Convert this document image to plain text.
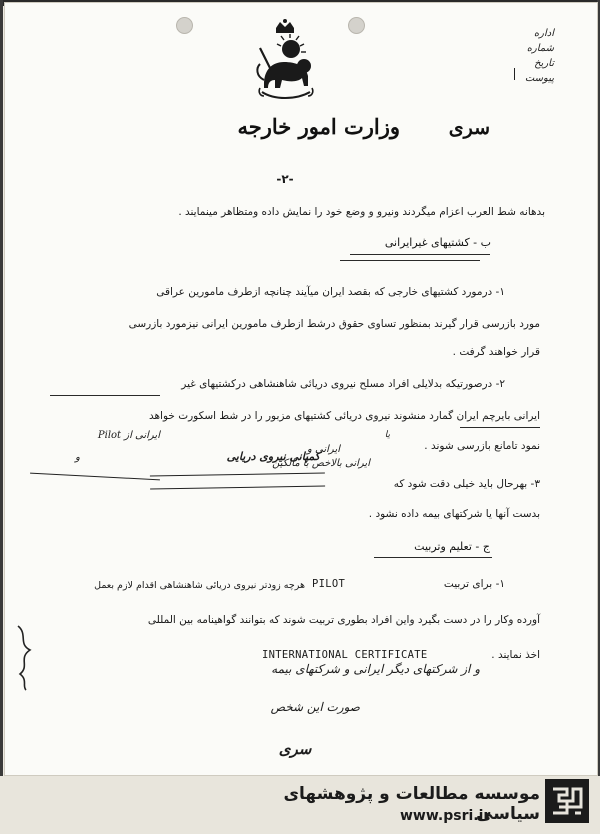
اداره
شماره
تاریخ
پیوست
وزارت امور خارجه	سری
-۲-
بدهانه شط العرب اعزام میگردند ونیرو و وضع خود را نمایش داده ومتظاهر مینمایند .
ب - کشتیهای غیرایرانی
۱- درمورد کشتیهای خارجی که بقصد ایران میآیند چنانچه ازطرف مامورین عراقی
مورد بازرسی قرار گیرند بمنظور تساوی حقوق درشط ازطرف مامورین ایرانی نیزمورد بازرسی
قرار خواهند گرفت .
۲- درصورتیکه بدلایلی افراد مسلح نیروی دریائی شاهنشاهی درکشتیهای غیر
ایرانی بایرچم ایران گمارد منشوند نیروی دریائی کشتیهای مزبور را در شط اسکورت خواهد
نمود تامانع بازرسی شوند .
۳- بهرحال باید خیلی دقت شود که
بدست آنها یا شرکتهای بیمه داده نشود .
ج - تعلیم وتربیت
۱- برای تربیت
PILOT
هرچه زودتر نیروی دریائی شاهنشاهی اقدام لازم بعمل
آورده وکار را در دست بگیرد واین افراد بطوری تربیت شوند که بتوانند گواهینامه بین المللی
اخذ نمایند .
INTERNATIONAL CERTIFICATE
Pilot ایرانی از	یا
ایرانی و
کمپانی نیروی دریایی
و
ایرانی بالاخص با مالکین
و از شرکتهای دیگر ایرانی و شرکتهای بیمه
صورت این شخص
سری
موسسه مطالعات و پژوهشهای سیاسی
www.psri.ir
